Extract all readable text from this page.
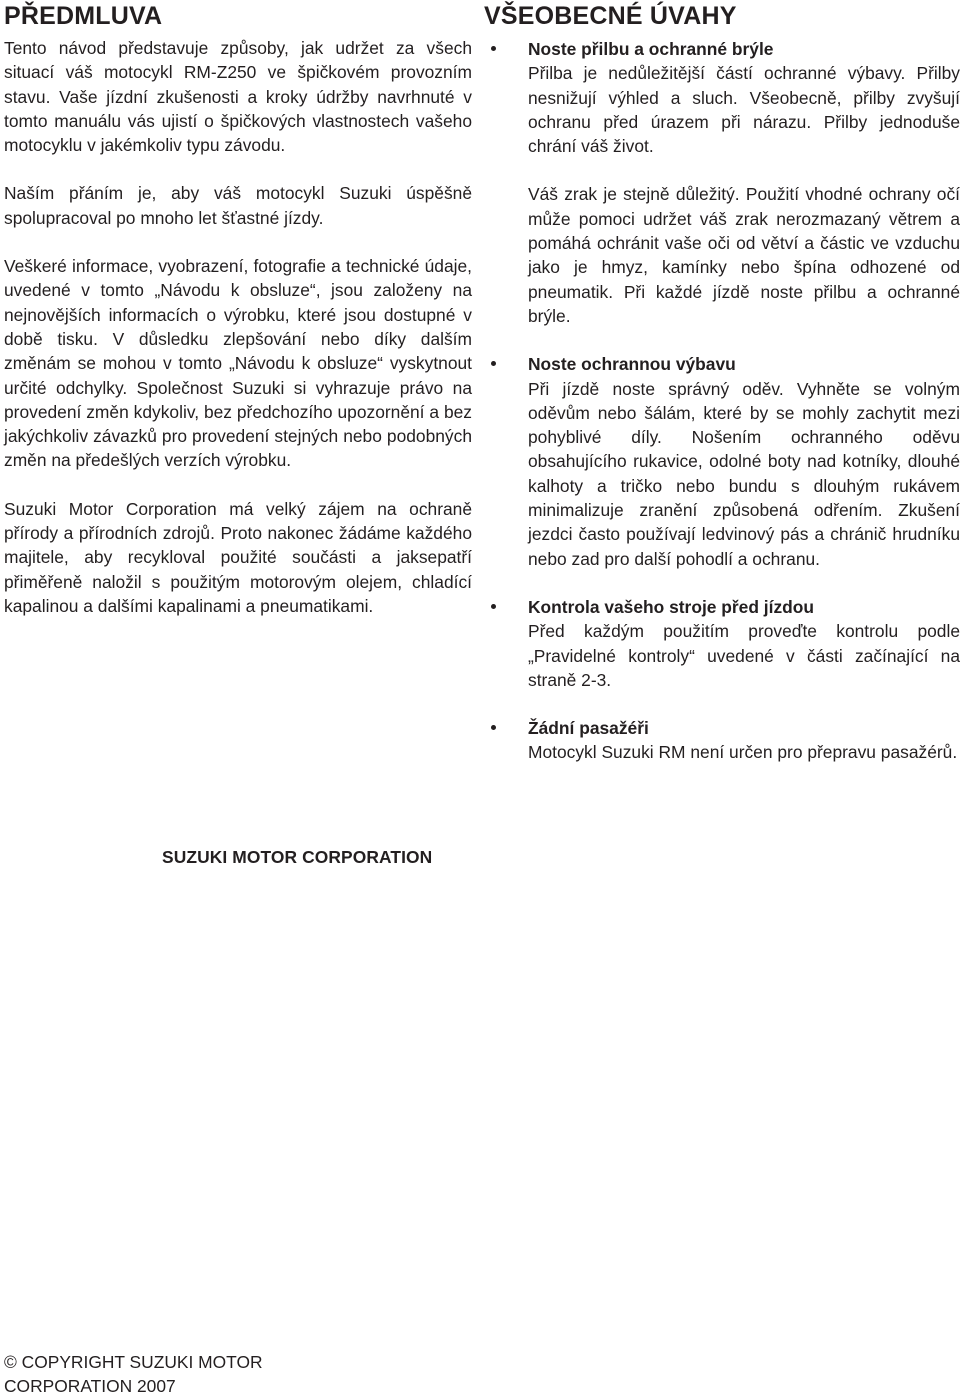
PŘEDMLUVA

Tento návod představuje způsoby, jak udržet za všech situací váš motocykl RM-Z250 ve špičkovém provozním stavu. Vaše jízdní zkušenosti a kroky údržby navrhnuté v tomto manuálu vás ujistí o špičkových vlastnostech vašeho motocyklu v jakémkoliv typu závodu.

Naším přáním je, aby váš motocykl Suzuki úspěšně spolupracoval po mnoho let šťastné jízdy.

Veškeré informace, vyobrazení, fotografie a technické údaje, uvedené v tomto „Návodu k obsluze“, jsou založeny na nejnovějších informacích o výrobku, které jsou dostupné v době tisku. V důsledku zlepšování nebo díky dalším změnám se mohou v tomto „Návodu k obsluze“ vyskytnout určité odchylky. Společnost Suzuki si vyhrazuje právo na provedení změn kdykoliv, bez předchozího upozornění a bez jakýchkoliv závazků pro provedení stejných nebo podobných změn na předešlých verzích výrobku.

Suzuki Motor Corporation má velký zájem na ochraně přírody a přírodních zdrojů. Proto nakonec žádáme každého majitele, aby recykloval použité součásti a jaksepatří přiměřeně naložil s použitým motorovým olejem, chladící kapalinou a dalšími kapalinami a pneumatikami.

SUZUKI MOTOR CORPORATION
VŠEOBECNÉ ÚVAHY
Noste přilbu a ochranné brýle

Přilba je nedůležitější částí ochranné výbavy. Přilby nesnižují výhled a sluch. Všeobecně, přilby zvyšují ochranu před úrazem při nárazu. Přilby jednoduše chrání váš život.

Váš zrak je stejně důležitý. Použití vhodné ochrany očí může pomoci udržet váš zrak nerozmazaný větrem a pomáhá ochránit vaše oči od větví a částic ve vzduchu jako je hmyz, kamínky nebo špína odhozené od pneumatik. Při každé jízdě noste přilbu a ochranné brýle.

Noste ochrannou výbavu

Při jízdě noste správný oděv. Vyhněte se volným oděvům nebo šálám, které by se mohly zachytit mezi pohyblivé díly. Nošením ochranného oděvu obsahujícího rukavice, odolné boty nad kotníky, dlouhé kalhoty a tričko nebo bundu s dlouhým rukávem minimalizuje zranění způsobená odřením. Zkušení jezdci často používají ledvinový pás a chránič hrudníku nebo zad pro další pohodlí a ochranu.

Kontrola vašeho stroje před jízdou

Před každým použitím proveďte kontrolu podle „Pravidelné kontroly“ uvedené v části začínající na straně 2-3.

Žádní pasažéři

Motocykl Suzuki RM není určen pro přepravu pasažérů.

© COPYRIGHT SUZUKI MOTOR CORPORATION 2007
